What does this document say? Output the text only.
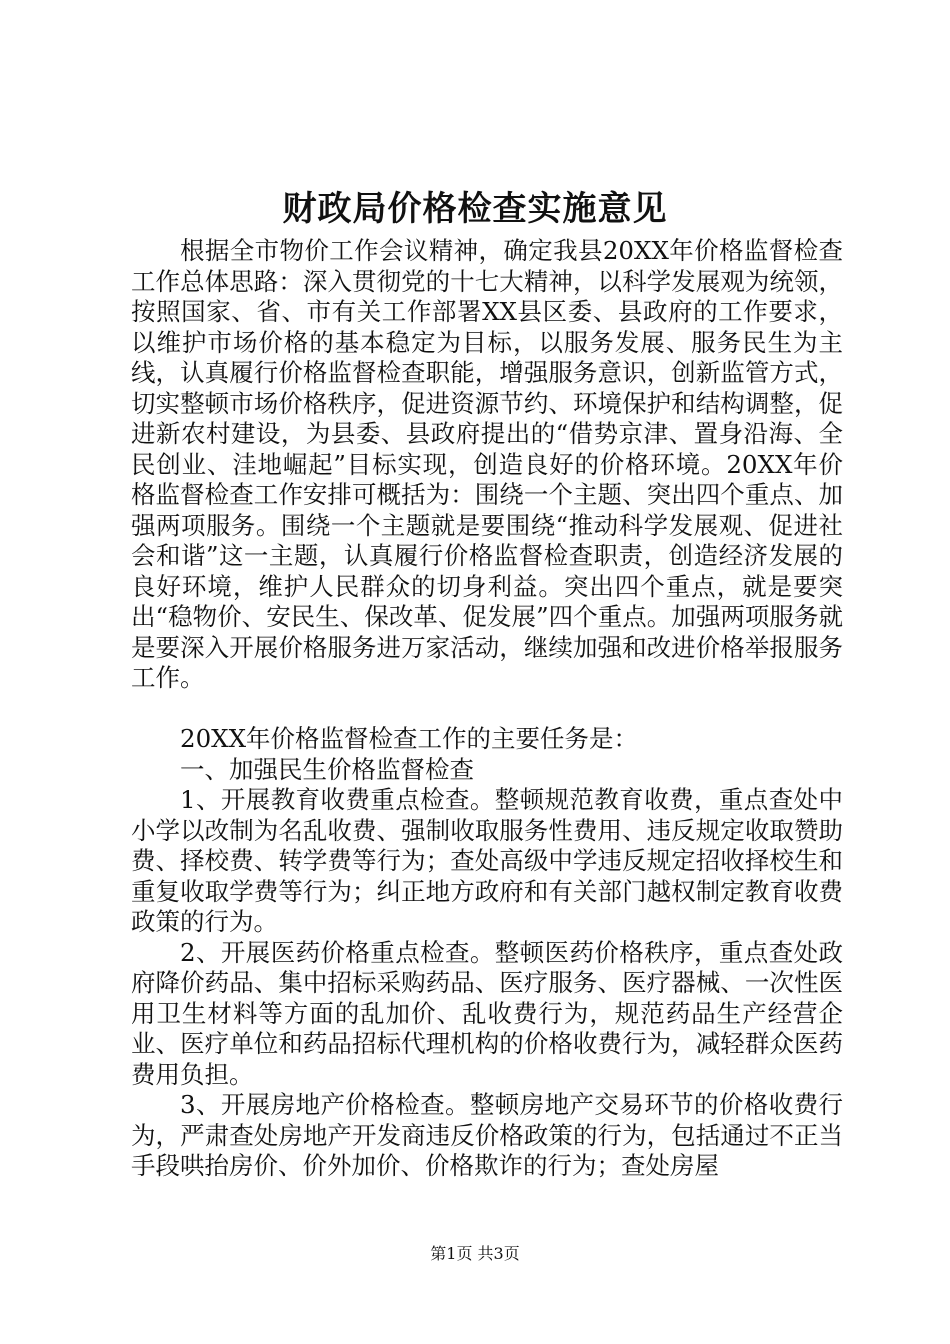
财政局价格检查实施意见

根据全市物价工作会议精神，确定我县20XX年价格监督检查工作总体思路：深入贯彻党的十七大精神，以科学发展观为统领，按照国家、省、市有关工作部署XX县区委、县政府的工作要求，以维护市场价格的基本稳定为目标，以服务发展、服务民生为主线，认真履行价格监督检查职能，增强服务意识，创新监管方式，切实整顿市场价格秩序，促进资源节约、环境保护和结构调整，促进新农村建设，为县委、县政府提出的“借势京津、置身沿海、全民创业、洼地崛起”目标实现，创造良好的价格环境。20XX年价格监督检查工作安排可概括为：围绕一个主题、突出四个重点、加强两项服务。围绕一个主题就是要围绕“推动科学发展观、促进社会和谐”这一主题，认真履行价格监督检查职责，创造经济发展的良好环境，维护人民群众的切身利益。突出四个重点，就是要突出“稳物价、安民生、保改革、促发展”四个重点。加强两项服务就是要深入开展价格服务进万家活动，继续加强和改进价格举报服务工作。

20XX年价格监督检查工作的主要任务是：

一、加强民生价格监督检查

1、开展教育收费重点检查。整顿规范教育收费，重点查处中小学以改制为名乱收费、强制收取服务性费用、违反规定收取赞助费、择校费、转学费等行为；查处高级中学违反规定招收择校生和重复收取学费等行为；纠正地方政府和有关部门越权制定教育收费政策的行为。

2、开展医药价格重点检查。整顿医药价格秩序，重点查处政府降价药品、集中招标采购药品、医疗服务、医疗器械、一次性医用卫生材料等方面的乱加价、乱收费行为，规范药品生产经营企业、医疗单位和药品招标代理机构的价格收费行为，减轻群众医药费用负担。

3、开展房地产价格检查。整顿房地产交易环节的价格收费行为，严肃查处房地产开发商违反价格政策的行为，包括通过不正当手段哄抬房价、价外加价、价格欺诈的行为；查处房屋

第1页 共3页
